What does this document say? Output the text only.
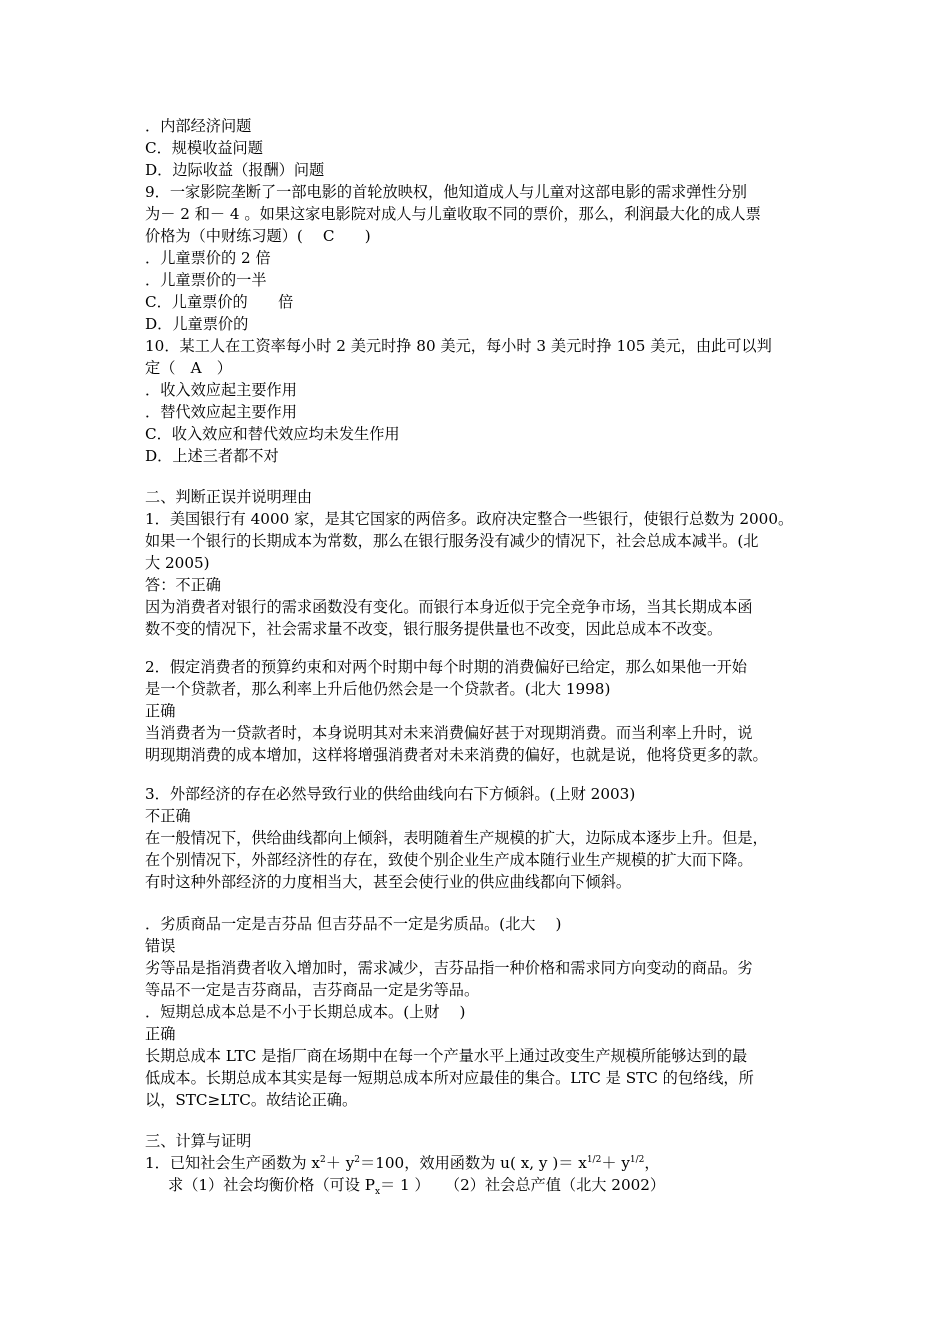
．内部经济问题
C．规模收益问题
D．边际收益（报酬）问题
9．一家影院垄断了一部电影的首轮放映权，他知道成人与儿童对这部电影的需求弹性分别
为－ 2 和－ 4 。如果这家电影院对成人与儿童收取不同的票价，那么，利润最大化的成人票
价格为（中财练习题）(　 C　　)
．儿童票价的 2 倍
．儿童票价的一半
C．儿童票价的　　倍
D．儿童票价的
10．某工人在工资率每小时 2 美元时挣 80 美元，每小时 3 美元时挣 105 美元，由此可以判
定（　A　）
．收入效应起主要作用
．替代效应起主要作用
C．收入效应和替代效应均未发生作用
D．上述三者都不对
二、判断正误并说明理由
1．美国银行有 4000 家，是其它国家的两倍多。政府决定整合一些银行，使银行总数为 2000。
如果一个银行的长期成本为常数，那么在银行服务没有减少的情况下，社会总成本减半。(北
大 2005)
答：不正确
因为消费者对银行的需求函数没有变化。而银行本身近似于完全竞争市场，当其长期成本函
数不变的情况下，社会需求量不改变，银行服务提供量也不改变，因此总成本不改变。
2．假定消费者的预算约束和对两个时期中每个时期的消费偏好已给定，那么如果他一开始
是一个贷款者，那么利率上升后他仍然会是一个贷款者。(北大 1998)
正确
当消费者为一贷款者时，本身说明其对未来消费偏好甚于对现期消费。而当利率上升时，说
明现期消费的成本增加，这样将增强消费者对未来消费的偏好，也就是说，他将贷更多的款。
3．外部经济的存在必然导致行业的供给曲线向右下方倾斜。(上财 2003)
不正确
在一般情况下，供给曲线都向上倾斜，表明随着生产规模的扩大，边际成本逐步上升。但是，
在个别情况下，外部经济性的存在，致使个别企业生产成本随行业生产规模的扩大而下降。
有时这种外部经济的力度相当大，甚至会使行业的供应曲线都向下倾斜。
．劣质商品一定是吉芬品 但吉芬品不一定是劣质品。(北大　 )
错误
劣等品是指消费者收入增加时，需求减少，吉芬品指一种价格和需求同方向变动的商品。劣
等品不一定是吉芬商品，吉芬商品一定是劣等品。
．短期总成本总是不小于长期总成本。(上财　 )
正确
长期总成本 LTC 是指厂商在场期中在每一个产量水平上通过改变生产规模所能够达到的最
低成本。长期总成本其实是每一短期总成本所对应最佳的集合。LTC 是 STC 的包络线，所
以，STC≥LTC。故结论正确。
三、计算与证明
1．已知社会生产函数为 $x^2+ y^2=100$，效用函数为 u( x, y )＝ $x^{1/2}+ y^{1/2}$，
求（1）社会均衡价格（可设 $P_x= 1$ ）　　（2）社会总产值（北大 2002）
